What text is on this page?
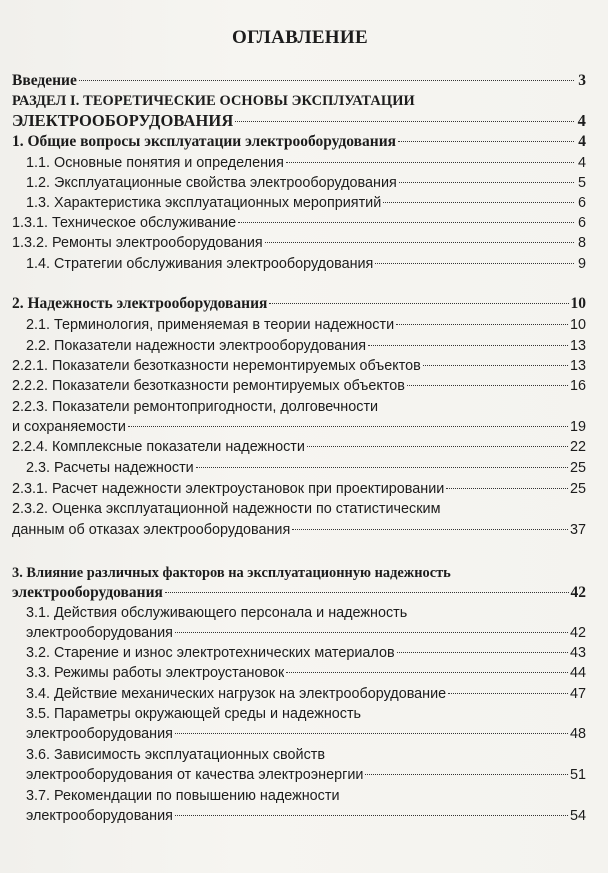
ОГЛАВЛЕНИЕ
Введение	3
РАЗДЕЛ I. ТЕОРЕТИЧЕСКИЕ ОСНОВЫ ЭКСПЛУАТАЦИИ
ЭЛЕКТРООБОРУДОВАНИЯ	4
1. Общие вопросы эксплуатации электрооборудования	4
1.1. Основные понятия и определения	4
1.2. Эксплуатационные свойства электрооборудования	5
1.3. Характеристика эксплуатационных мероприятий	6
1.3.1. Техническое обслуживание	6
1.3.2. Ремонты электрооборудования	8
1.4. Стратегии обслуживания электрооборудования	9
2. Надежность электрооборудования	10
2.1. Терминология, применяемая в теории надежности	10
2.2. Показатели надежности электрооборудования	13
2.2.1. Показатели безотказности неремонтируемых объектов	13
2.2.2. Показатели безотказности ремонтируемых объектов	16
2.2.3. Показатели ремонтопригодности, долговечности
и сохраняемости	19
2.2.4. Комплексные показатели надежности	22
2.3. Расчеты надежности	25
2.3.1. Расчет надежности электроустановок при проектировании	25
2.3.2. Оценка эксплуатационной надежности по статистическим
данным об отказах электрооборудования	37
3. Влияние различных факторов на эксплуатационную надежность
электрооборудования	42
3.1. Действия обслуживающего персонала и надежность
электрооборудования	42
3.2. Старение и износ электротехнических материалов	43
3.3. Режимы работы электроустановок	44
3.4. Действие механических нагрузок на электрооборудование	47
3.5. Параметры окружающей среды и надежность
электрооборудования	48
3.6. Зависимость эксплуатационных свойств
электрооборудования от качества электроэнергии	51
3.7. Рекомендации по повышению надежности
электрооборудования	54
